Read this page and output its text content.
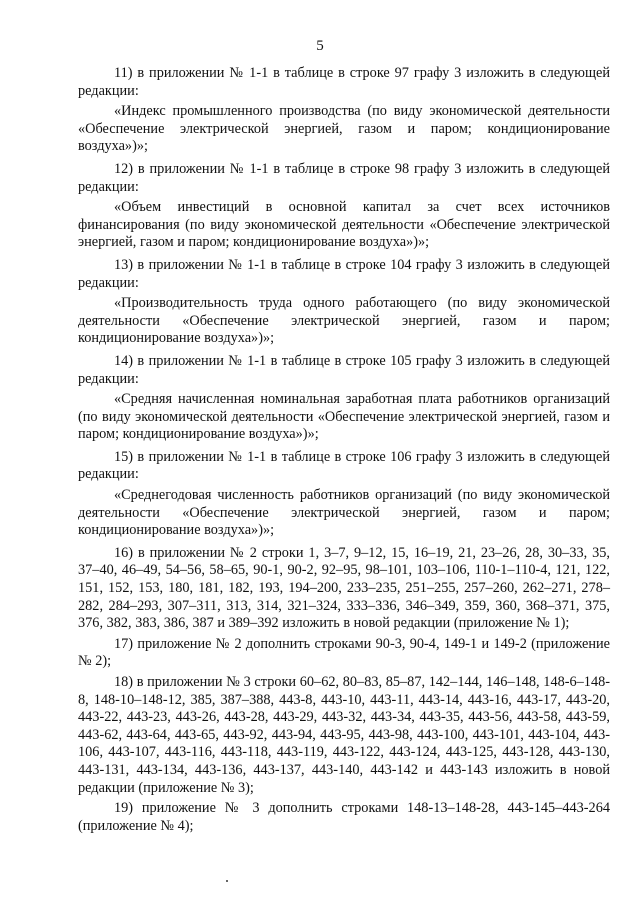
5

11) в приложении № 1-1 в таблице в строке 97 графу 3 изложить в следующей редакции:

«Индекс промышленного производства (по виду экономической деятельности «Обеспечение электрической энергией, газом и паром; кондиционирование воздуха»)»;

12) в приложении № 1-1 в таблице в строке 98 графу 3 изложить в следующей редакции:

«Объем инвестиций в основной капитал за счет всех источников финансирования (по виду экономической деятельности «Обеспечение электрической энергией, газом и паром; кондиционирование воздуха»)»;

13) в приложении № 1-1 в таблице в строке 104 графу 3 изложить в следующей редакции:

«Производительность труда одного работающего (по виду экономической деятельности «Обеспечение электрической энергией, газом и паром; кондиционирование воздуха»)»;

14) в приложении № 1-1 в таблице в строке 105 графу 3 изложить в следующей редакции:

«Средняя начисленная номинальная заработная плата работников организаций (по виду экономической деятельности «Обеспечение электрической энергией, газом и паром; кондиционирование воздуха»)»;

15) в приложении № 1-1 в таблице в строке 106 графу 3 изложить в следующей редакции:

«Среднегодовая численность работников организаций (по виду экономической деятельности «Обеспечение электрической энергией, газом и паром; кондиционирование воздуха»)»;

16) в приложении № 2 строки 1, 3–7, 9–12, 15, 16–19, 21, 23–26, 28, 30–33, 35, 37–40, 46–49, 54–56, 58–65, 90-1, 90-2, 92–95, 98–101, 103–106, 110-1–110-4, 121, 122, 151, 152, 153, 180, 181, 182, 193, 194–200, 233–235, 251–255, 257–260, 262–271, 278–282, 284–293, 307–311, 313, 314, 321–324, 333–336, 346–349, 359, 360, 368–371, 375, 376, 382, 383, 386, 387 и 389–392 изложить в новой редакции (приложение № 1);

17) приложение № 2 дополнить строками 90-3, 90-4, 149-1 и 149-2 (приложение № 2);

18) в приложении № 3 строки 60–62, 80–83, 85–87, 142–144, 146–148, 148-6–148-8, 148-10–148-12, 385, 387–388, 443-8, 443-10, 443-11, 443-14, 443-16, 443-17, 443-20, 443-22, 443-23, 443-26, 443-28, 443-29, 443-32, 443-34, 443-35, 443-56, 443-58, 443-59, 443-62, 443-64, 443-65, 443-92, 443-94, 443-95, 443-98, 443-100, 443-101, 443-104, 443-106, 443-107, 443-116, 443-118, 443-119, 443-122, 443-124, 443-125, 443-128, 443-130, 443-131, 443-134, 443-136, 443-137, 443-140, 443-142 и 443-143 изложить в новой редакции (приложение № 3);

19) приложение № 3 дополнить строками 148-13–148-28, 443-145–443-264 (приложение № 4);
